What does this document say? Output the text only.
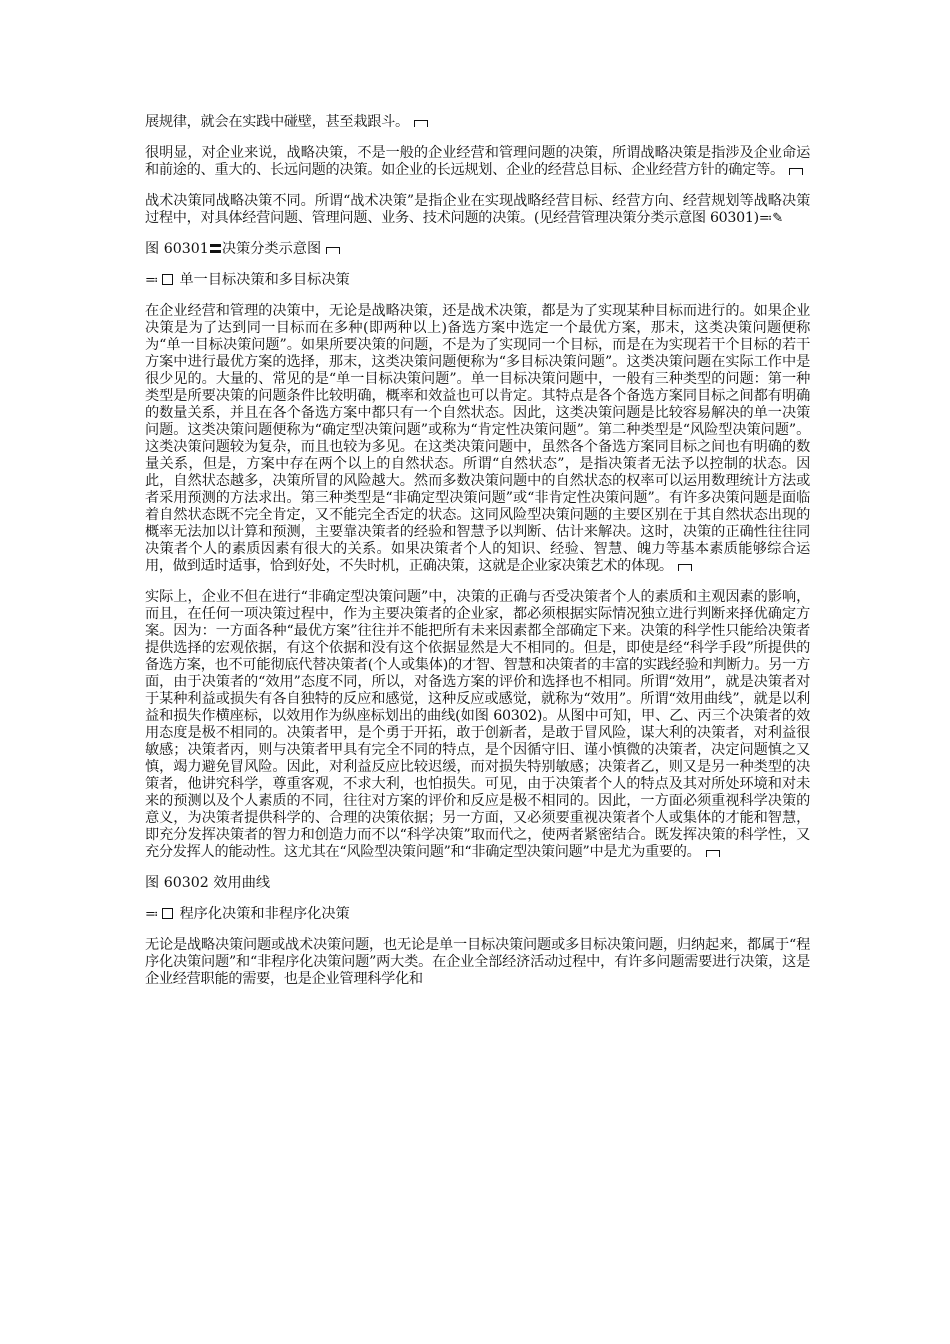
展规律，就会在实践中碰壁，甚至栽跟斗。

很明显，对企业来说，战略决策，不是一般的企业经营和管理问题的决策，所谓战略决策是指涉及企业命运和前途的、重大的、长远问题的决策。如企业的长远规划、企业的经营总目标、企业经营方针的确定等。

战术决策同战略决策不同。所谓“战术决策”是指企业在实现战略经营目标、经营方向、经营规划等战略决策过程中，对具体经营问题、管理问题、业务、技术问题的决策。(见经营管理决策分类示意图 60301)≕✎

图 60301 决策分类示意图

≕ 单一目标决策和多目标决策

在企业经营和管理的决策中，无论是战略决策，还是战术决策，都是为了实现某种目标而进行的。如果企业决策是为了达到同一目标而在多种(即两种以上)备选方案中选定一个最优方案，那末，这类决策问题便称为“单一目标决策问题”。如果所要决策的问题，不是为了实现同一个目标，而是在为实现若干个目标的若干方案中进行最优方案的选择，那末，这类决策问题便称为“多目标决策问题”。这类决策问题在实际工作中是很少见的。大量的、常见的是“单一目标决策问题”。单一目标决策问题中，一般有三种类型的问题：第一种类型是所要决策的问题条件比较明确，概率和效益也可以肯定。其特点是各个备选方案同目标之间都有明确的数量关系，并且在各个备选方案中都只有一个自然状态。因此，这类决策问题是比较容易解决的单一决策问题。这类决策问题便称为“确定型决策问题”或称为“肯定性决策问题”。第二种类型是“风险型决策问题”。这类决策问题较为复杂，而且也较为多见。在这类决策问题中，虽然各个备选方案同目标之间也有明确的数量关系，但是，方案中存在两个以上的自然状态。所谓“自然状态”，是指决策者无法予以控制的状态。因此，自然状态越多，决策所冒的风险越大。然而多数决策问题中的自然状态的权率可以运用数理统计方法或者采用预测的方法求出。第三种类型是“非确定型决策问题”或“非肯定性决策问题”。有许多决策问题是面临着自然状态既不完全肯定，又不能完全否定的状态。这同风险型决策问题的主要区别在于其自然状态出现的概率无法加以计算和预测，主要靠决策者的经验和智慧予以判断、估计来解决。这时，决策的正确性往往同决策者个人的素质因素有很大的关系。如果决策者个人的知识、经验、智慧、魄力等基本素质能够综合运用，做到适时适事，恰到好处，不失时机，正确决策，这就是企业家决策艺术的体现。

实际上，企业不但在进行“非确定型决策问题”中，决策的正确与否受决策者个人的素质和主观因素的影响，而且，在任何一项决策过程中，作为主要决策者的企业家，都必须根据实际情况独立进行判断来择优确定方案。因为：一方面各种“最优方案”往往并不能把所有未来因素都全部确定下来。决策的科学性只能给决策者提供选择的宏观依据，有这个依据和没有这个依据显然是大不相同的。但是，即使是经“科学手段”所提供的备选方案，也不可能彻底代替决策者(个人或集体)的才智、智慧和决策者的丰富的实践经验和判断力。另一方面，由于决策者的“效用”态度不同，所以，对备选方案的评价和选择也不相同。所谓“效用”，就是决策者对于某种利益或损失有各自独特的反应和感觉，这种反应或感觉，就称为“效用”。所谓“效用曲线”，就是以利益和损失作横座标，以效用作为纵座标划出的曲线(如图 60302)。从图中可知，甲、乙、丙三个决策者的效用态度是极不相同的。决策者甲，是个勇于开拓，敢于创新者，是敢于冒风险，谋大利的决策者，对利益很敏感；决策者丙，则与决策者甲具有完全不同的特点，是个因循守旧、谨小慎微的决策者，决定问题慎之又慎，竭力避免冒风险。因此，对利益反应比较迟缓，而对损失特别敏感；决策者乙，则又是另一种类型的决策者，他讲究科学，尊重客观，不求大利，也怕损失。可见，由于决策者个人的特点及其对所处环境和对未来的预测以及个人素质的不同，往往对方案的评价和反应是极不相同的。因此，一方面必须重视科学决策的意义，为决策者提供科学的、合理的决策依据；另一方面，又必须要重视决策者个人或集体的才能和智慧，即充分发挥决策者的智力和创造力而不以“科学决策”取而代之，使两者紧密结合。既发挥决策的科学性，又充分发挥人的能动性。这尤其在“风险型决策问题”和“非确定型决策问题”中是尤为重要的。

图 60302 效用曲线

≕ 程序化决策和非程序化决策

无论是战略决策问题或战术决策问题，也无论是单一目标决策问题或多目标决策问题，归纳起来，都属于“程序化决策问题”和“非程序化决策问题”两大类。在企业全部经济活动过程中，有许多问题需要进行决策，这是企业经营职能的需要，也是企业管理科学化和
